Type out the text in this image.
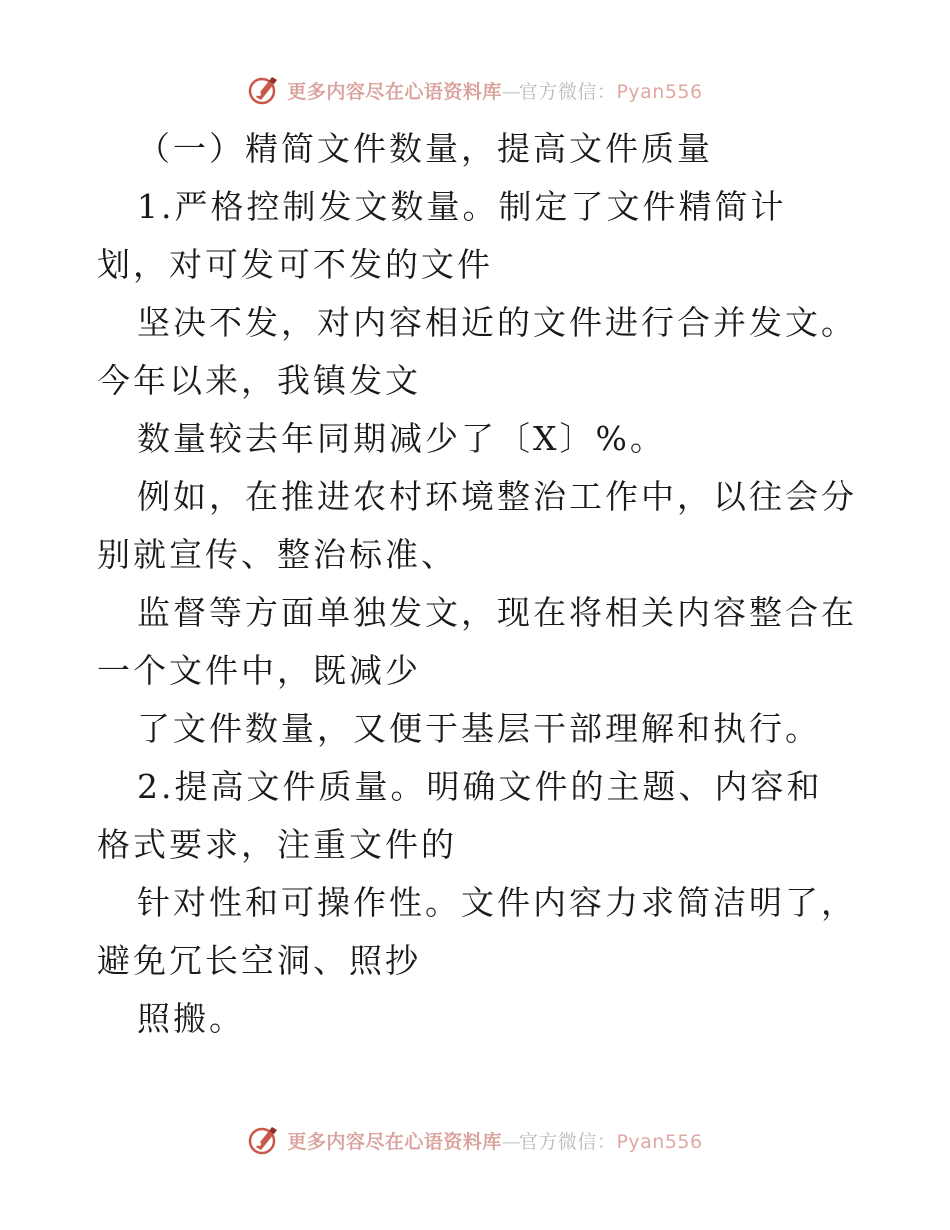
更多内容尽在心语资料库—官方微信：Pyan556

（一）精简文件数量，提高文件质量

1.严格控制发文数量。制定了文件精简计划，对可发可不发的文件

坚决不发，对内容相近的文件进行合并发文。今年以来，我镇发文

数量较去年同期减少了〔X〕%。

例如，在推进农村环境整治工作中，以往会分别就宣传、整治标准、

监督等方面单独发文，现在将相关内容整合在一个文件中，既减少

了文件数量，又便于基层干部理解和执行。

2.提高文件质量。明确文件的主题、内容和格式要求，注重文件的

针对性和可操作性。文件内容力求简洁明了，避免冗长空洞、照抄

照搬。

更多内容尽在心语资料库—官方微信：Pyan556
